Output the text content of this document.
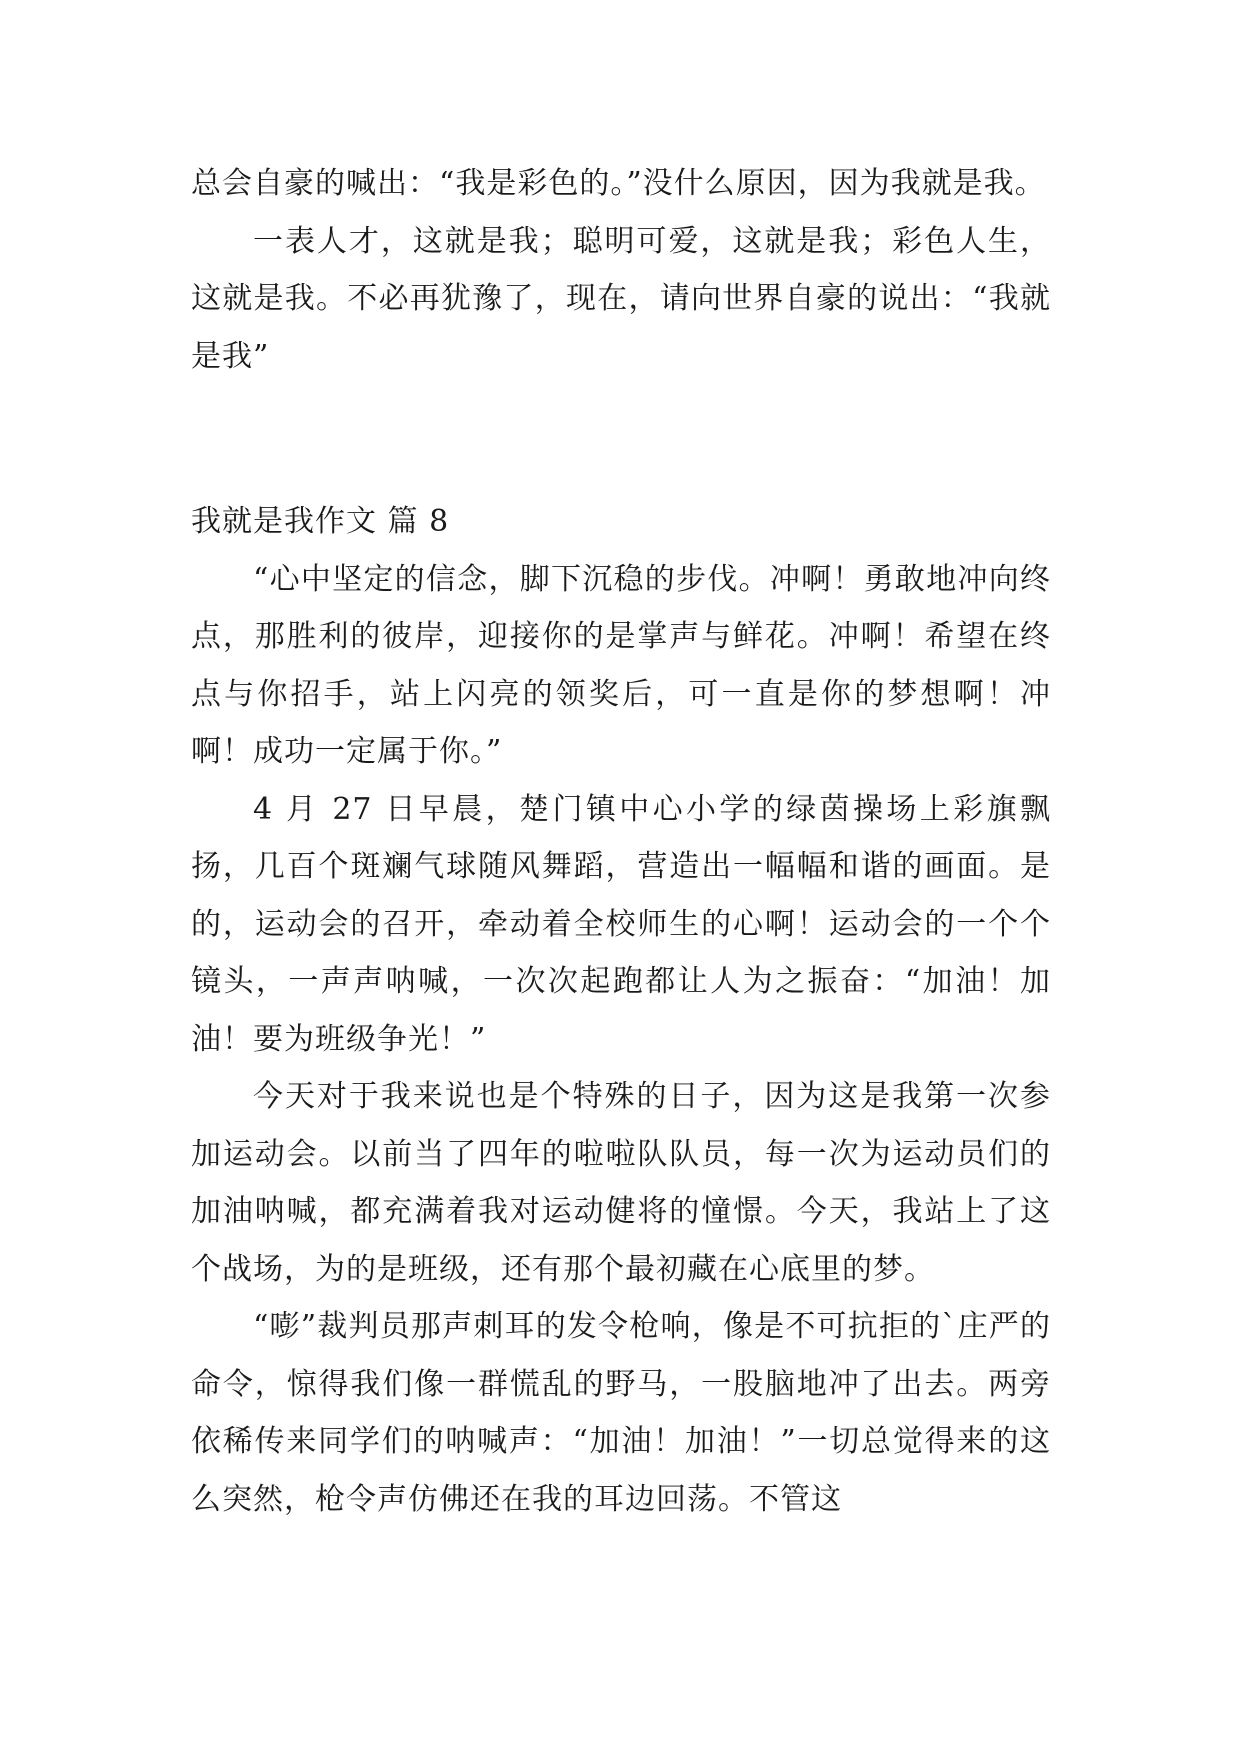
总会自豪的喊出：“我是彩色的。”没什么原因，因为我就是我。

一表人才，这就是我；聪明可爱，这就是我；彩色人生，这就是我。不必再犹豫了，现在，请向世界自豪的说出：“我就是我”

我就是我作文 篇 8

“心中坚定的信念，脚下沉稳的步伐。冲啊！勇敢地冲向终点，那胜利的彼岸，迎接你的是掌声与鲜花。冲啊！希望在终点与你招手，站上闪亮的领奖后，可一直是你的梦想啊！冲啊！成功一定属于你。”

4 月 27 日早晨，楚门镇中心小学的绿茵操场上彩旗飘扬，几百个斑斓气球随风舞蹈，营造出一幅幅和谐的画面。是的，运动会的召开，牵动着全校师生的心啊！运动会的一个个镜头，一声声呐喊，一次次起跑都让人为之振奋：“加油！加油！要为班级争光！”

今天对于我来说也是个特殊的日子，因为这是我第一次参加运动会。以前当了四年的啦啦队队员，每一次为运动员们的加油呐喊，都充满着我对运动健将的憧憬。今天，我站上了这个战场，为的是班级，还有那个最初藏在心底里的梦。

“嘭”裁判员那声刺耳的发令枪响，像是不可抗拒的`庄严的命令，惊得我们像一群慌乱的野马，一股脑地冲了出去。两旁依稀传来同学们的呐喊声：“加油！加油！”一切总觉得来的这么突然，枪令声仿佛还在我的耳边回荡。不管这
